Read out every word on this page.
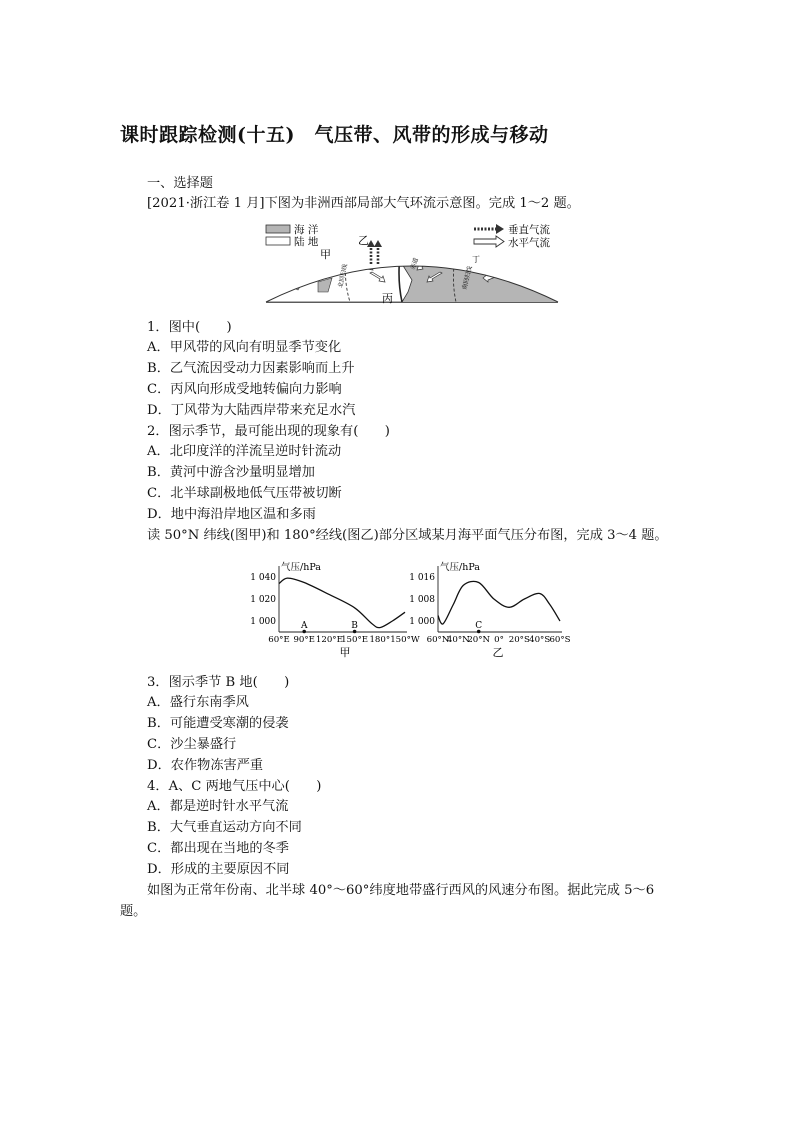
课时跟踪检测(十五)　气压带、风带的形成与移动
一、选择题
[2021·浙江卷 1 月]下图为非洲西部局部大气环流示意图。完成 1～2 题。
海 洋
陆 地
垂直气流
水平气流
甲
乙
丙
丁
北回归线	赤道
南回归线
1．图中(　　)
A．甲风带的风向有明显季节变化
B．乙气流因受动力因素影响而上升
C．丙风向形成受地转偏向力影响
D．丁风带为大陆西岸带来充足水汽
2．图示季节，最可能出现的现象有(　　)
A．北印度洋的洋流呈逆时针流动
B．黄河中游含沙量明显增加
C．北半球副极地低气压带被切断
D．地中海沿岸地区温和多雨
读 50°N 纬线(图甲)和 180°经线(图乙)部分区域某月海平面气压分布图，完成 3～4 题。
气压/hPa
1 000
1 020
1 040
60°E 90°E 120°E
150°E 180° 150°W
A	B
甲
气压/hPa
1 000
1 008
1 016
60°N
40°N
20°N 0° 20°S 40°S 60°S
C
乙
3．图示季节 B 地(　　)
A．盛行东南季风
B．可能遭受寒潮的侵袭
C．沙尘暴盛行
D．农作物冻害严重
4．A、C 两地气压中心(　　)
A．都是逆时针水平气流
B．大气垂直运动方向不同
C．都出现在当地的冬季
D．形成的主要原因不同
如图为正常年份南、北半球 40°～60°纬度地带盛行西风的风速分布图。据此完成 5～6
题。
